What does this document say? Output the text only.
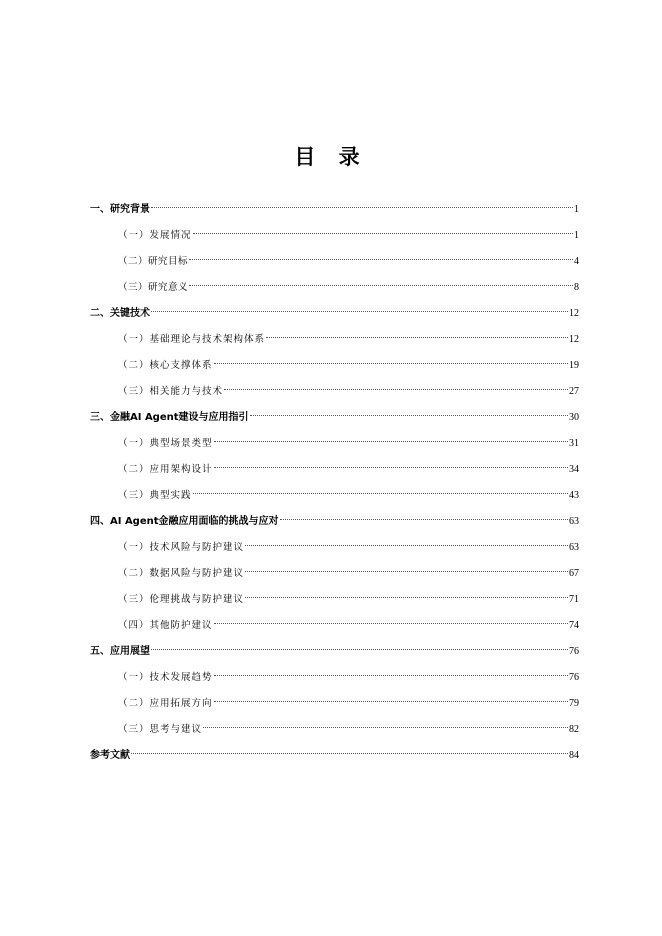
目 录
一、研究背景	1
（一）发展情况	1
（二）研究目标	4
（三）研究意义	8
二、关键技术	12
（一）基础理论与技术架构体系	12
（二）核心支撑体系	19
（三）相关能力与技术	27
三、金融AI Agent建设与应用指引	30
（一）典型场景类型	31
（二）应用架构设计	34
（三）典型实践	43
四、AI Agent金融应用面临的挑战与应对	63
（一）技术风险与防护建议	63
（二）数据风险与防护建议	67
（三）伦理挑战与防护建议	71
（四）其他防护建议	74
五、应用展望	76
（一）技术发展趋势	76
（二）应用拓展方向	79
（三）思考与建议	82
参考文献	84
